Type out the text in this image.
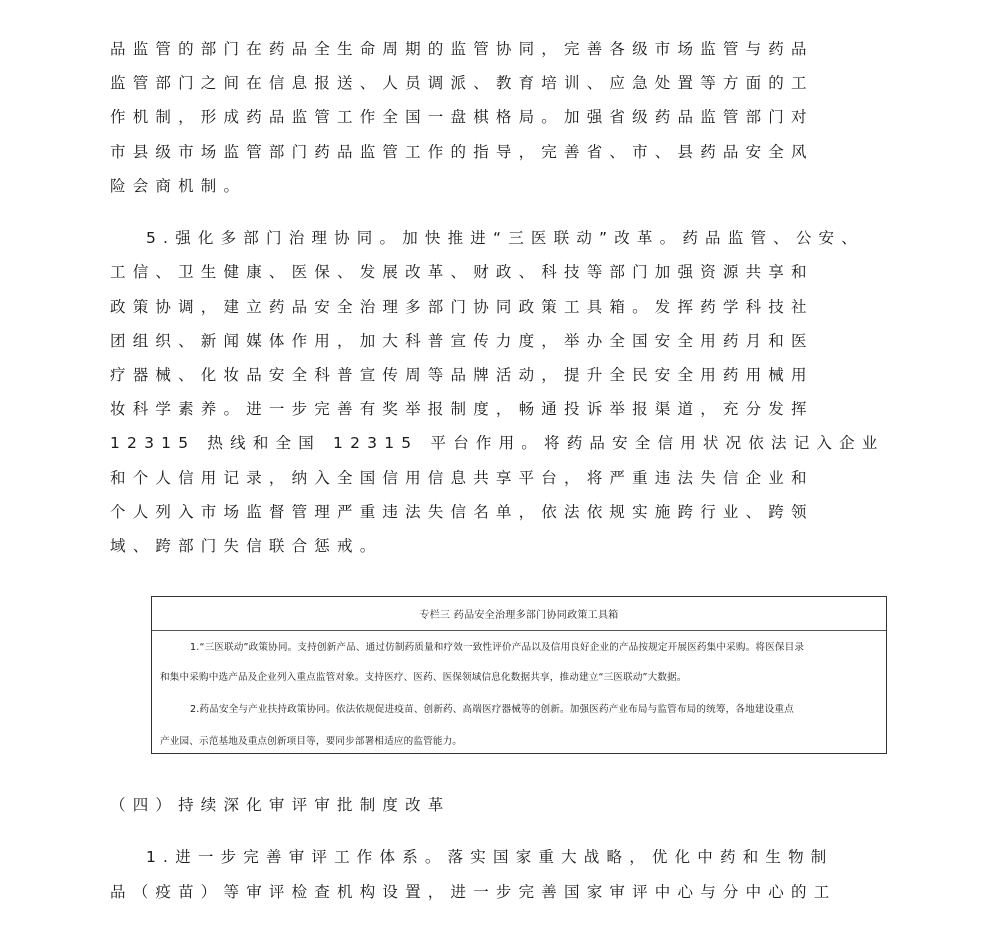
品监管的部门在药品全生命周期的监管协同，完善各级市场监管与药品
监管部门之间在信息报送、人员调派、教育培训、应急处置等方面的工
作机制，形成药品监管工作全国一盘棋格局。加强省级药品监管部门对
市县级市场监管部门药品监管工作的指导，完善省、市、县药品安全风
险会商机制。
5.强化多部门治理协同。加快推进“三医联动”改革。药品监管、公安、
工信、卫生健康、医保、发展改革、财政、科技等部门加强资源共享和
政策协调，建立药品安全治理多部门协同政策工具箱。发挥药学科技社
团组织、新闻媒体作用，加大科普宣传力度，举办全国安全用药月和医
疗器械、化妆品安全科普宣传周等品牌活动，提升全民安全用药用械用
妆科学素养。进一步完善有奖举报制度，畅通投诉举报渠道，充分发挥
12315 热线和全国 12315 平台作用。将药品安全信用状况依法记入企业
和个人信用记录，纳入全国信用信息共享平台，将严重违法失信企业和
个人列入市场监督管理严重违法失信名单，依法依规实施跨行业、跨领
域、跨部门失信联合惩戒。
专栏三 药品安全治理多部门协同政策工具箱
1.“三医联动”政策协同。支持创新产品、通过仿制药质量和疗效一致性评价产品以及信用良好企业的产品按规定开展医药集中采购。将医保目录
和集中采购中选产品及企业列入重点监管对象。支持医疗、医药、医保领域信息化数据共享，推动建立“三医联动”大数据。
2.药品安全与产业扶持政策协同。依法依规促进疫苗、创新药、高端医疗器械等的创新。加强医药产业布局与监管布局的统筹，各地建设重点
产业园、示范基地及重点创新项目等，要同步部署相适应的监管能力。
（四）持续深化审评审批制度改革
1.进一步完善审评工作体系。落实国家重大战略，优化中药和生物制
品（疫苗）等审评检查机构设置，进一步完善国家审评中心与分中心的工
